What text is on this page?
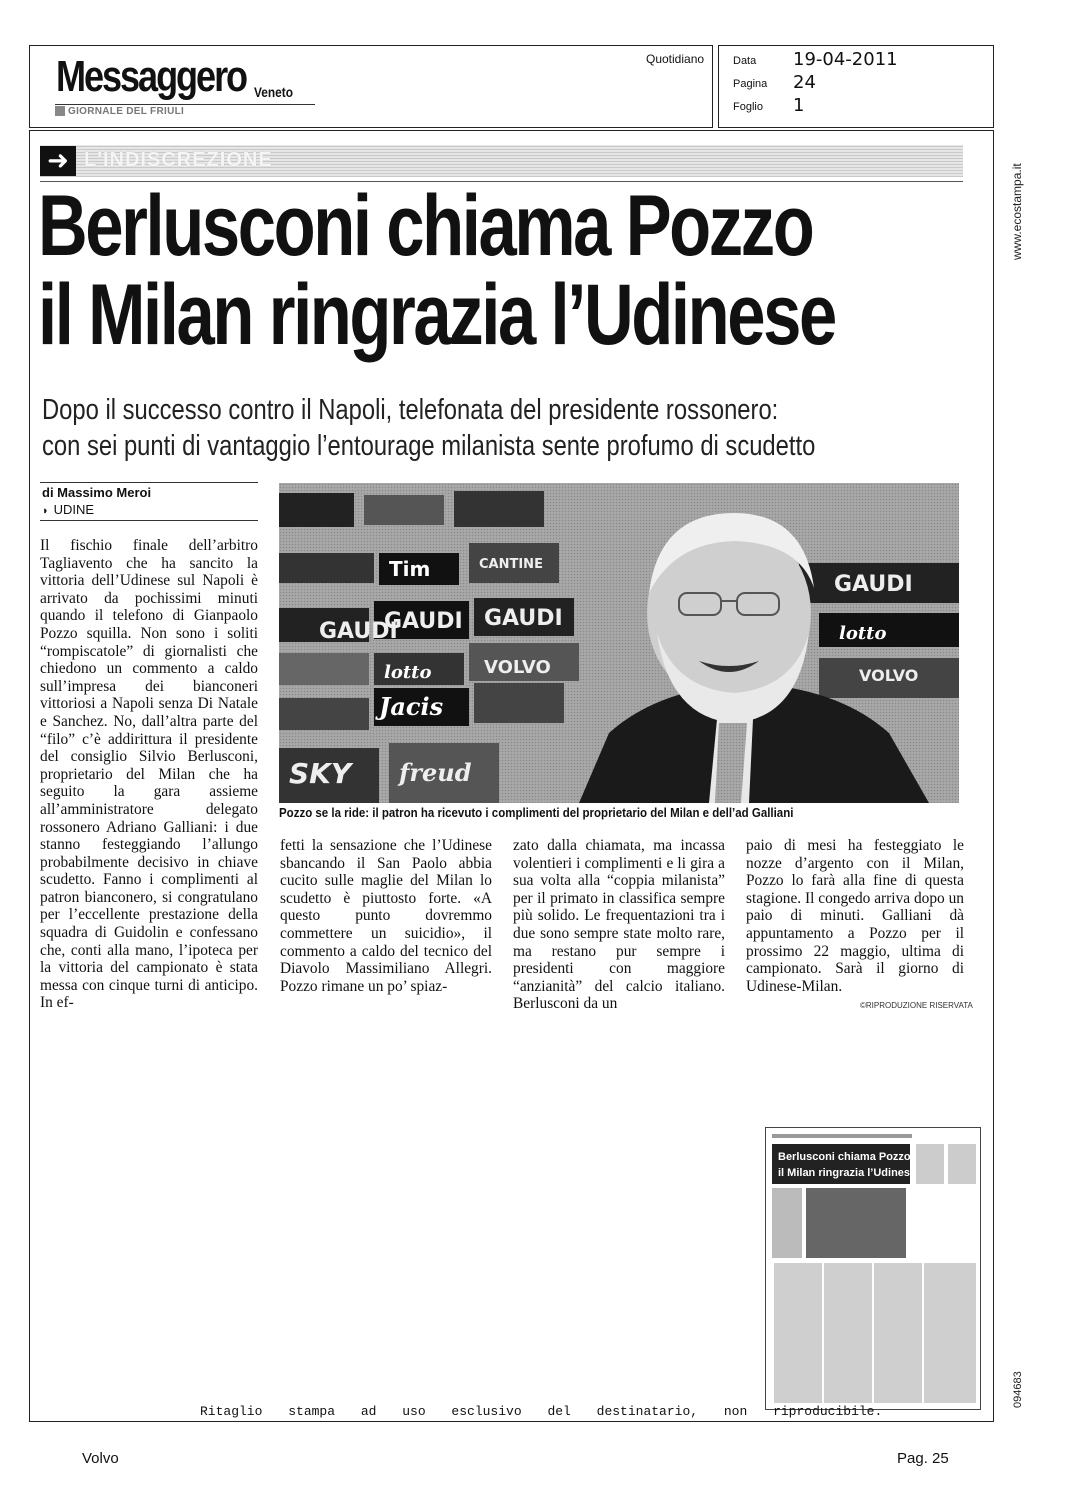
Messaggero Veneto
GIORNALE DEL FRIULI
Quotidiano	Data 19-04-2011
Pagina 24
Foglio 1
www.ecostampa.it
094683
➜ L'INDISCREZIONE
Berlusconi chiama Pozzo
il Milan ringrazia l’Udinese
Dopo il successo contro il Napoli, telefonata del presidente rossonero:
con sei punti di vantaggio l’entourage milanista sente profumo di scudetto
di Massimo Meroi
◗ UDINE
Il fischio finale dell’arbitro Tagliavento che ha sancito la vittoria dell’Udinese sul Napoli è arrivato da pochissimi minuti quando il telefono di Gianpaolo Pozzo squilla. Non sono i soliti “rompiscatole” di giornalisti che chiedono un commento a caldo sull’impresa dei bianconeri vittoriosi a Napoli senza Di Natale e Sanchez. No, dall’altra parte del “filo” c’è addirittura il presidente del consiglio Silvio Berlusconi, proprietario del Milan che ha seguito la gara assieme all’amministratore delegato rossonero Adriano Galliani: i due stanno festeggiando l’allungo probabilmente decisivo in chiave scudetto. Fanno i complimenti al patron bianconero, si congratulano per l’eccellente prestazione della squadra di Guidolin e confessano che, conti alla mano, l’ipoteca per la vittoria del campionato è stata messa con cinque turni di anticipo. In ef-
fetti la sensazione che l’Udinese sbancando il San Paolo abbia cucito sulle maglie del Milan lo scudetto è piuttosto forte. «A questo punto dovremmo commettere un suicidio», il commento a caldo del tecnico del Diavolo Massimiliano Allegri. Pozzo rimane un po’ spiaz-
zato dalla chiamata, ma incassa volentieri i complimenti e li gira a sua volta alla “coppia milanista” per il primato in classifica sempre più solido. Le frequentazioni tra i due sono sempre state molto rare, ma restano pur sempre i presidenti con maggiore “anzianità” del calcio italiano. Berlusconi da un
paio di mesi ha festeggiato le nozze d’argento con il Milan, Pozzo lo farà alla fine di questa stagione. Il congedo arriva dopo un paio di minuti. Galliani dà appuntamento a Pozzo per il prossimo 22 maggio, ultima di campionato. Sarà il giorno di Udinese-Milan.
©RIPRODUZIONE RISERVATA
GAUDI
GAUDI GAUDI
GAUDI
lotto
lotto
VOLVO	VOLVO
Tim
SKY freud
Jacis
CANTINE
Pozzo se la ride: il patron ha ricevuto i complimenti del proprietario del Milan e dell’ad Galliani
Berlusconi chiama Pozzo
il Milan ringrazia l’Udinese
Ritaglio stampa ad uso esclusivo del destinatario, non riproducibile.
Volvo	Pag. 25
